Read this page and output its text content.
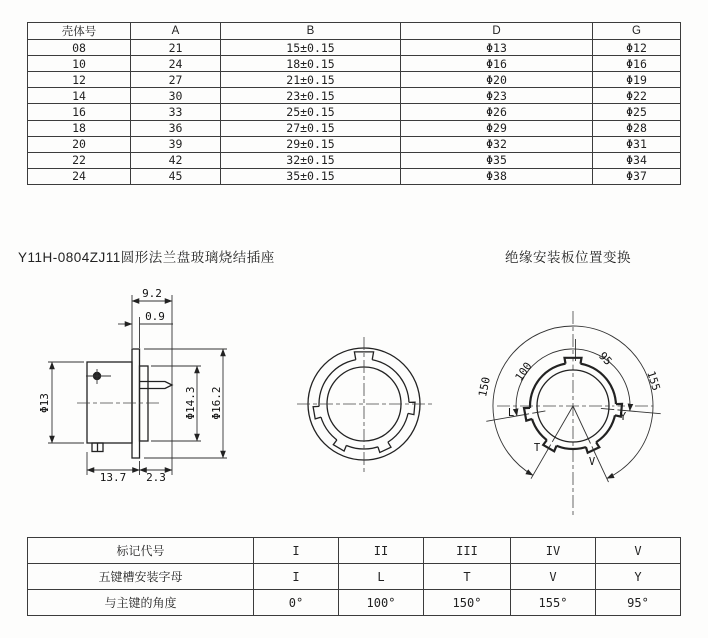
壳体号	A	B	D	G
08	21	15±0.15	Φ13	Φ12
10	24	18±0.15	Φ16	Φ16
12	27	21±0.15	Φ20	Φ19
14	30	23±0.15	Φ23	Φ22
16	33	25±0.15	Φ26	Φ25
18	36	27±0.15	Φ29	Φ28
20	39	29±0.15	Φ32	Φ31
22	42	32±0.15	Φ35	Φ34
24	45	35±0.15	Φ38	Φ37
Y11H-0804ZJ11圆形法兰盘玻璃烧结插座	绝缘安装板位置变换
9.2
0.9
Φ13	Φ14.3 Φ16.2
13.7 2.3
150
100
95
155
L	Y
T
V
标记代号	I	II	III	IV	V
五键槽安装字母	I	L	T	V	Y
与主键的角度	0°	100°	150°	155°	95°
